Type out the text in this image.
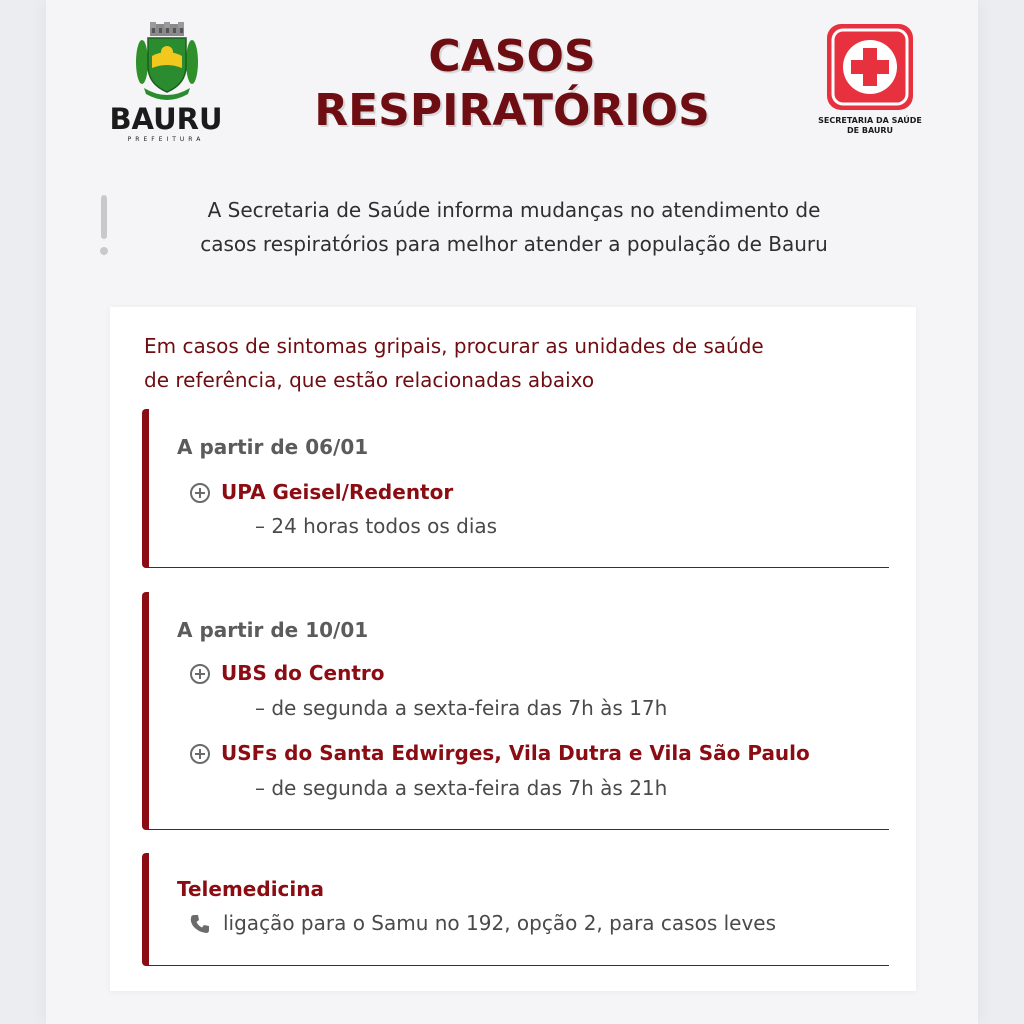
BAURU
PREFEITURA
CASOS
RESPIRATÓRIOS	SECRETARIA DA SAÚDE DE BAURU
A Secretaria de Saúde informa mudanças no atendimento de
casos respiratórios para melhor atender a população de Bauru
Em casos de sintomas gripais, procurar as unidades de saúde
de referência, que estão relacionadas abaixo
A partir de 06/01
UPA Geisel/Redentor
– 24 horas todos os dias
A partir de 10/01
UBS do Centro
– de segunda a sexta-feira das 7h às 17h
USFs do Santa Edwirges, Vila Dutra e Vila São Paulo
– de segunda a sexta-feira das 7h às 21h
Telemedicina
ligação para o Samu no 192, opção 2, para casos leves
